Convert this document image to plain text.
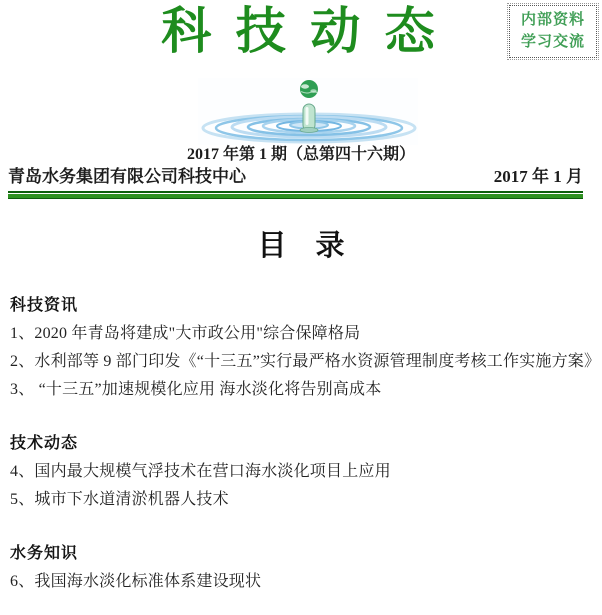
科 技 动 态	内部资料
学习交流
2017 年第 1 期（总第四十六期）
青岛水务集团有限公司科技中心	2017 年 1 月
目　录
科技资讯
1、2020 年青岛将建成"大市政公用"综合保障格局
2、水利部等 9 部门印发《“十三五”实行最严格水资源管理制度考核工作实施方案》
3、 “十三五”加速规模化应用 海水淡化将告别高成本
技术动态
4、国内最大规模气浮技术在营口海水淡化项目上应用
5、城市下水道清淤机器人技术
水务知识
6、我国海水淡化标准体系建设现状
